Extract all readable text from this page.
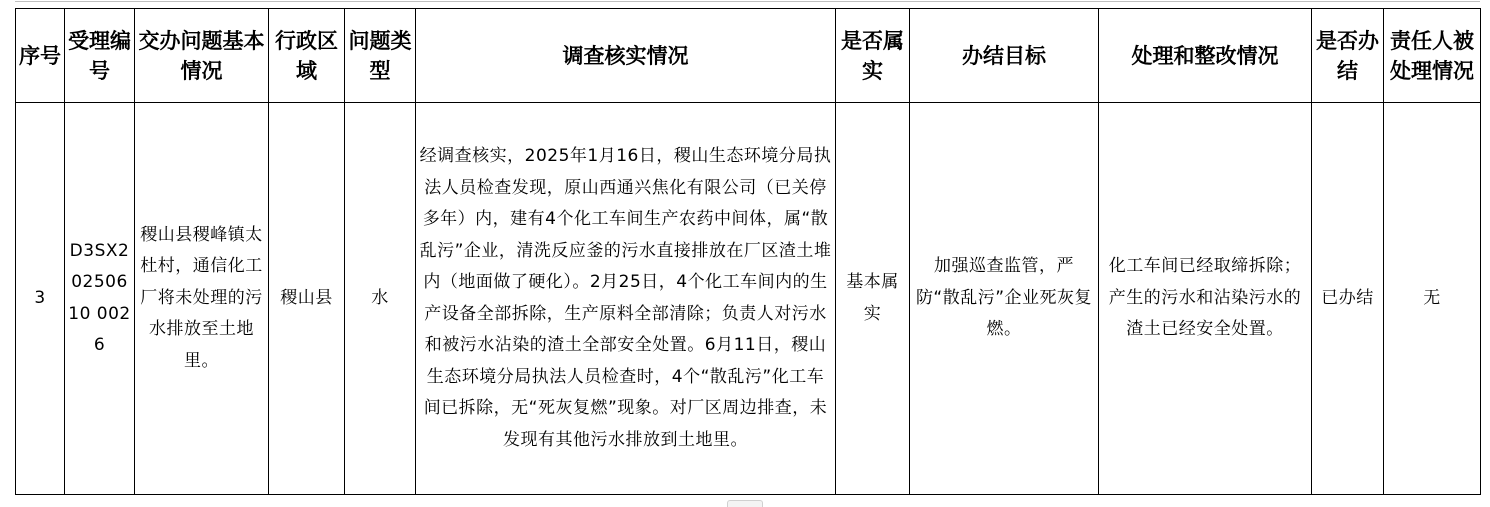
序号	受理编号	交办问题基本情况	行政区域	问题类型	调查核实情况	是否属实	办结目标	处理和整改情况	是否办结	责任人被处理情况
3	D3SX20250610 0026	稷山县稷峰镇太杜村，通信化工厂将未处理的污水排放至土地里。	稷山县	水	经调查核实，2025年1月16日，稷山生态环境分局执法人员检查发现，原山西通兴焦化有限公司（已关停多年）内，建有4个化工车间生产农药中间体，属“散乱污”企业，清洗反应釜的污水直接排放在厂区渣土堆内（地面做了硬化）。2月25日，4个化工车间内的生产设备全部拆除，生产原料全部清除；负责人对污水和被污水沾染的渣土全部安全处置。6月11日，稷山生态环境分局执法人员检查时，4个“散乱污”化工车间已拆除，无“死灰复燃”现象。对厂区周边排查，未发现有其他污水排放到土地里。	基本属实	加强巡查监管，严防“散乱污”企业死灰复燃。	化工车间已经取缔拆除；产生的污水和沾染污水的渣土已经安全处置。	已办结	无
